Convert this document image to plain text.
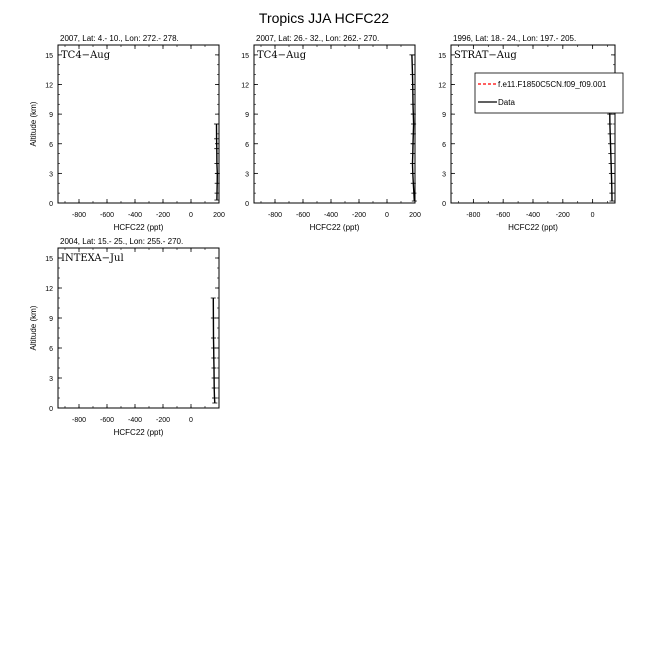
Tropics JJA HCFC22
2007, Lat: 4.- 10., Lon: 272.- 278.
TC4−Aug
-800 -600 -400 -200	0	200
0
3
6
9
12
15
HCFC22 (ppt)
Altitude (km)
2007, Lat: 26.- 32., Lon: 262.- 270.
TC4−Aug
-800 -600 -400 -200	0	200
0
3
6
9
12
15
HCFC22 (ppt)
1996, Lat: 18.- 24., Lon: 197.- 205.
STRAT−Aug
-800 -600 -400 -200	0
0
3
6
9
12
15
HCFC22 (ppt)
f.e11.F1850C5CN.f09_f09.001
Data
2004, Lat: 15.- 25., Lon: 255.- 270.
INTEXA−Jul
-800 -600 -400 -200	0
0
3
6
9
12
15
HCFC22 (ppt)
Altitude (km)
